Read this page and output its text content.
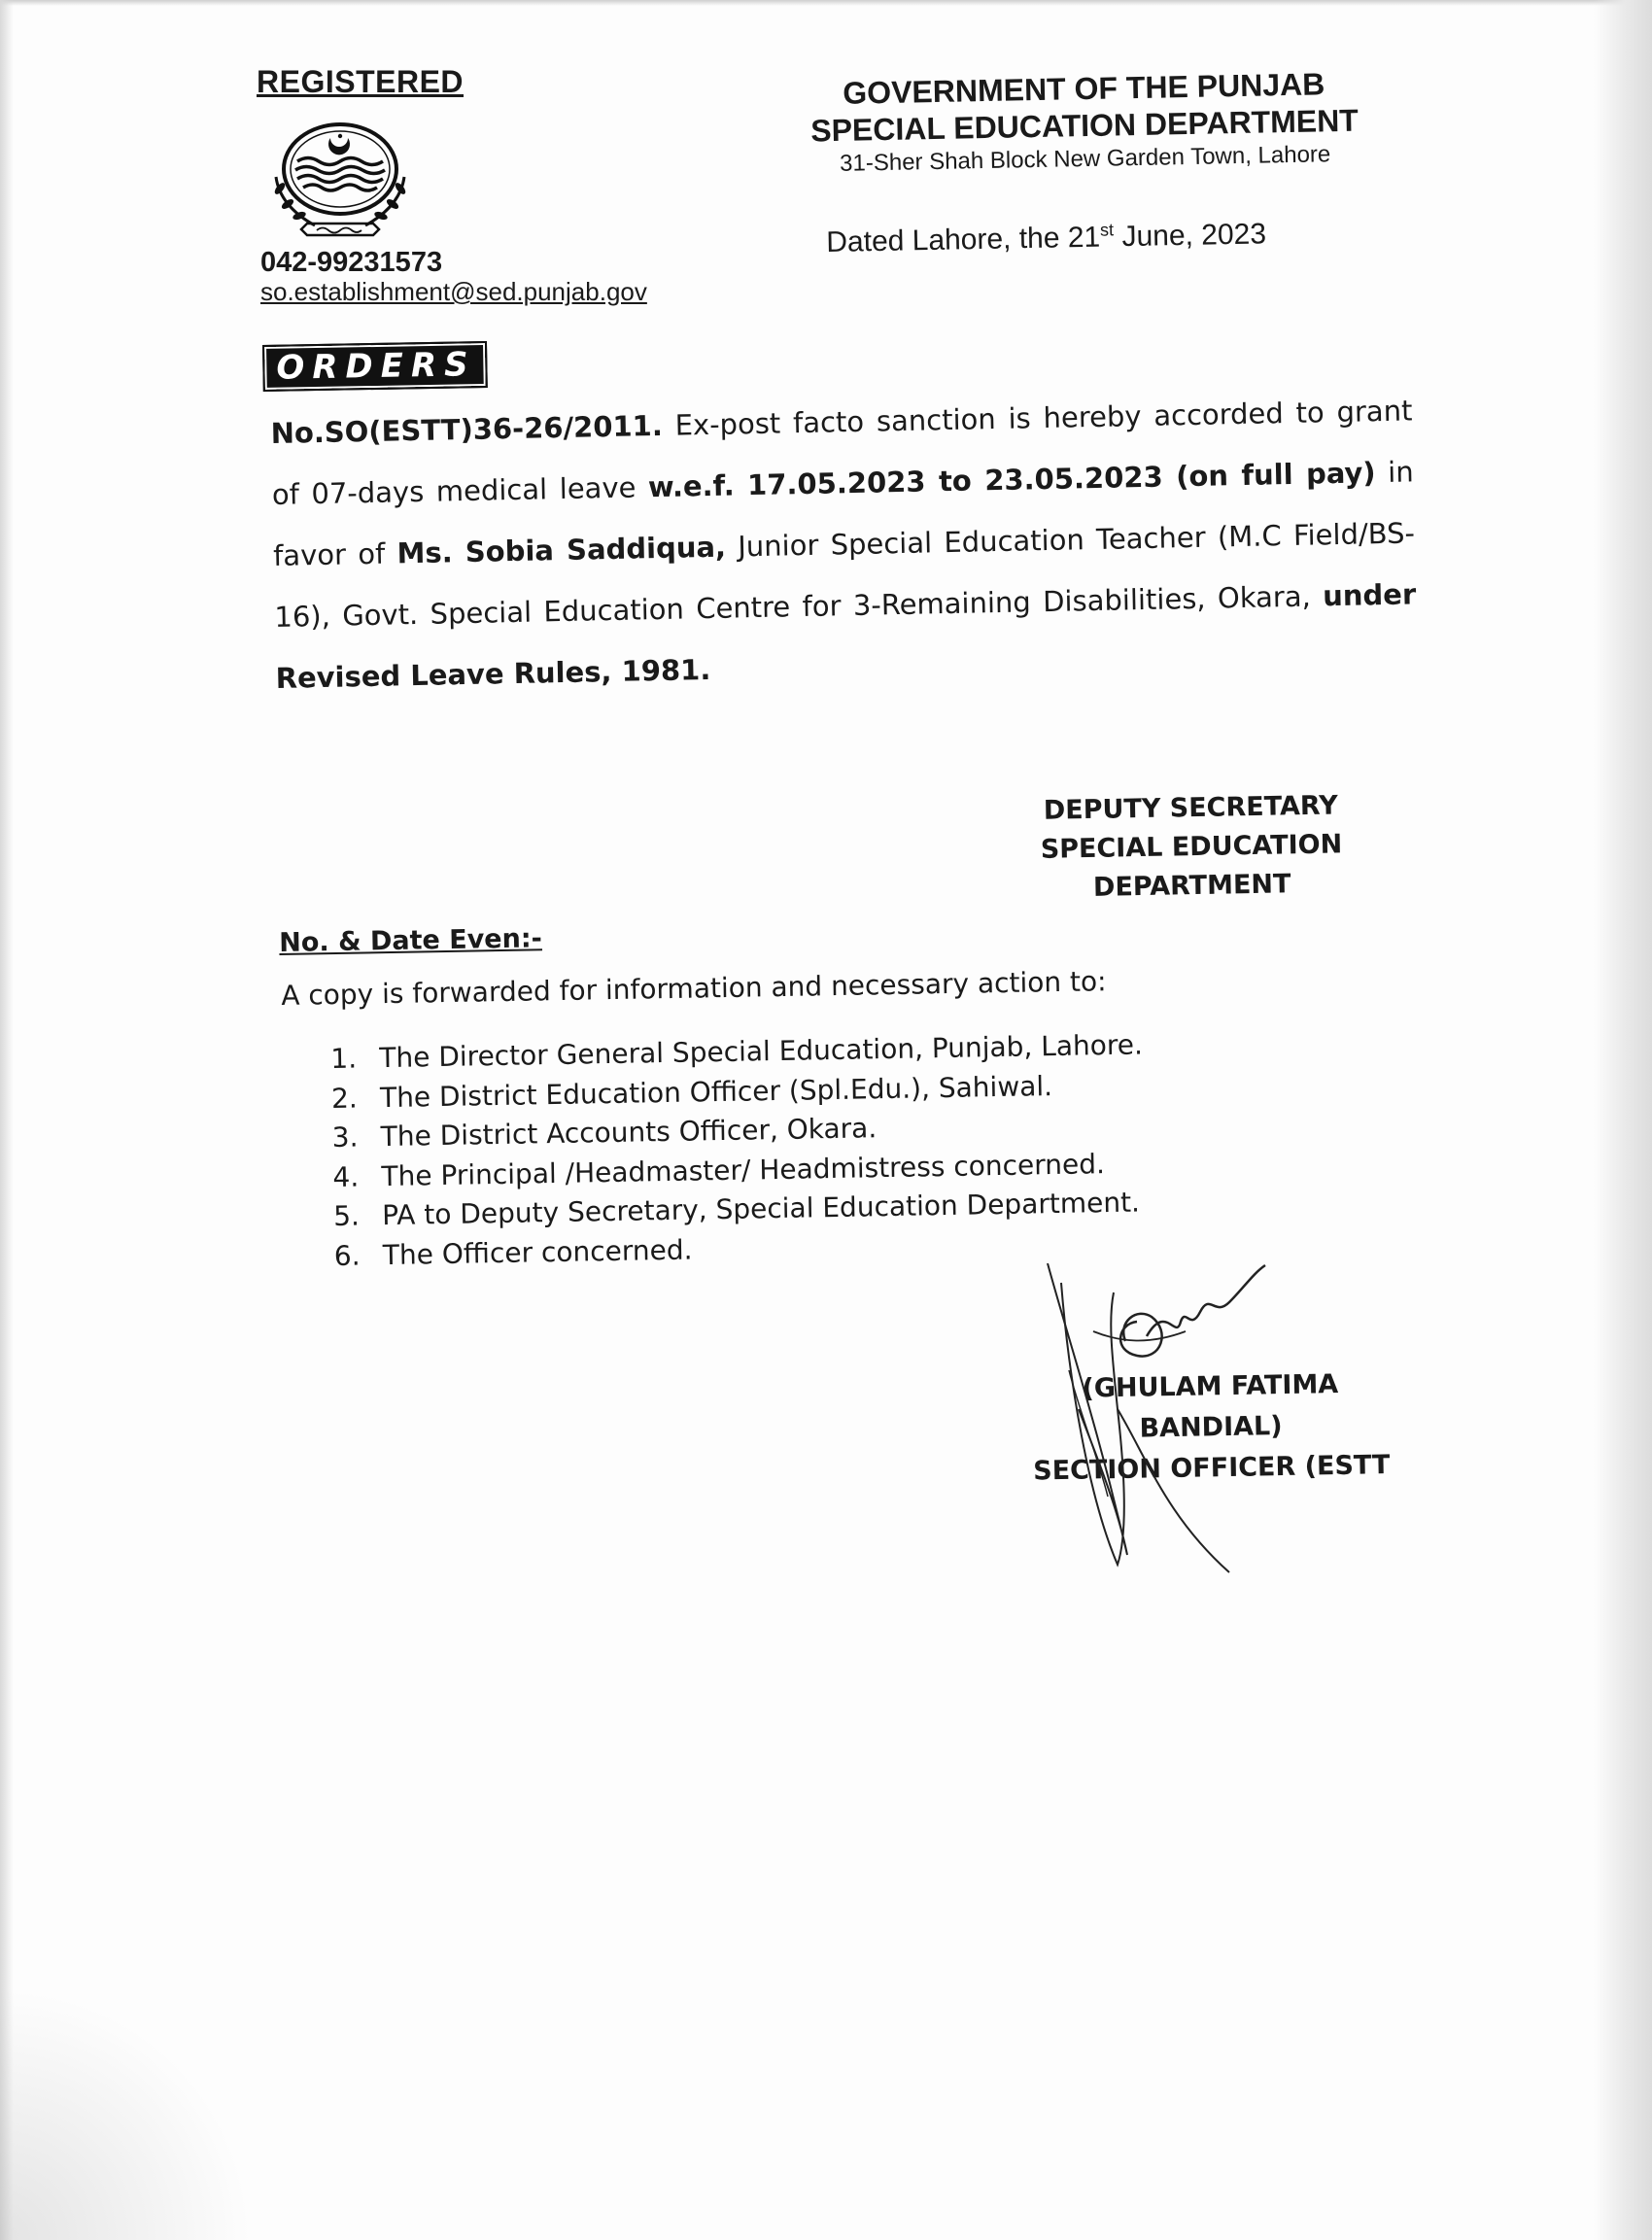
REGISTERED
042-99231573
so.establishment@sed.punjab.gov
GOVERNMENT OF THE PUNJAB
SPECIAL EDUCATION DEPARTMENT
31-Sher Shah Block New Garden Town, Lahore
Dated Lahore, the 21st June, 2023
ORDERS
No.SO(ESTT)36-26/2011. Ex-post facto sanction is hereby accorded to grant of 07-days medical leave w.e.f. 17.05.2023 to 23.05.2023 (on full pay) in favor of Ms. Sobia Saddiqua, Junior Special Education Teacher (M.C Field/BS-16), Govt. Special Education Centre for 3-Remaining Disabilities, Okara, under Revised Leave Rules, 1981.
DEPUTY SECRETARY
SPECIAL EDUCATION
DEPARTMENT
No. & Date Even:-
A copy is forwarded for information and necessary action to:
1. The Director General Special Education, Punjab, Lahore.
2. The District Education Officer (Spl.Edu.), Sahiwal.
3. The District Accounts Officer, Okara.
4. The Principal /Headmaster/ Headmistress concerned.
5. PA to Deputy Secretary, Special Education Department.
6. The Officer concerned.
(GHULAM FATIMA BANDIAL)
SECTION OFFICER (ESTT
